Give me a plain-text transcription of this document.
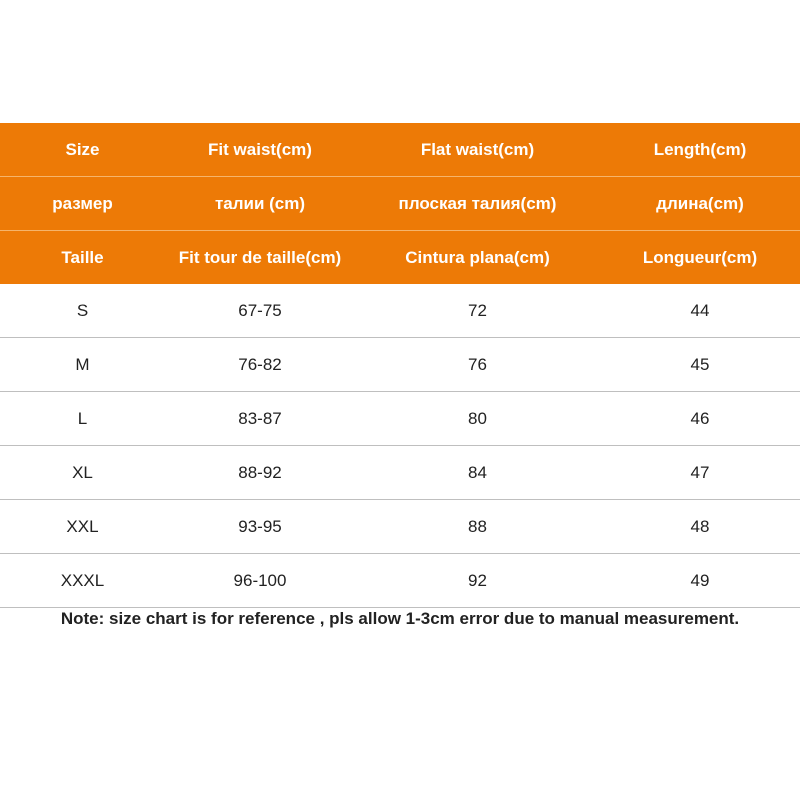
Size	Fit waist(cm)	Flat waist(cm)	Length(cm)
размер	талии (cm)	плоская талия(cm)	длина(cm)
Taille	Fit tour de taille(cm)	Cintura plana(cm)	Longueur(cm)
S	67-75	72	44
M	76-82	76	45
L	83-87	80	46
XL	88-92	84	47
XXL	93-95	88	48
XXXL	96-100	92	49
Note: size chart is for reference , pls allow 1-3cm error due to manual measurement.
